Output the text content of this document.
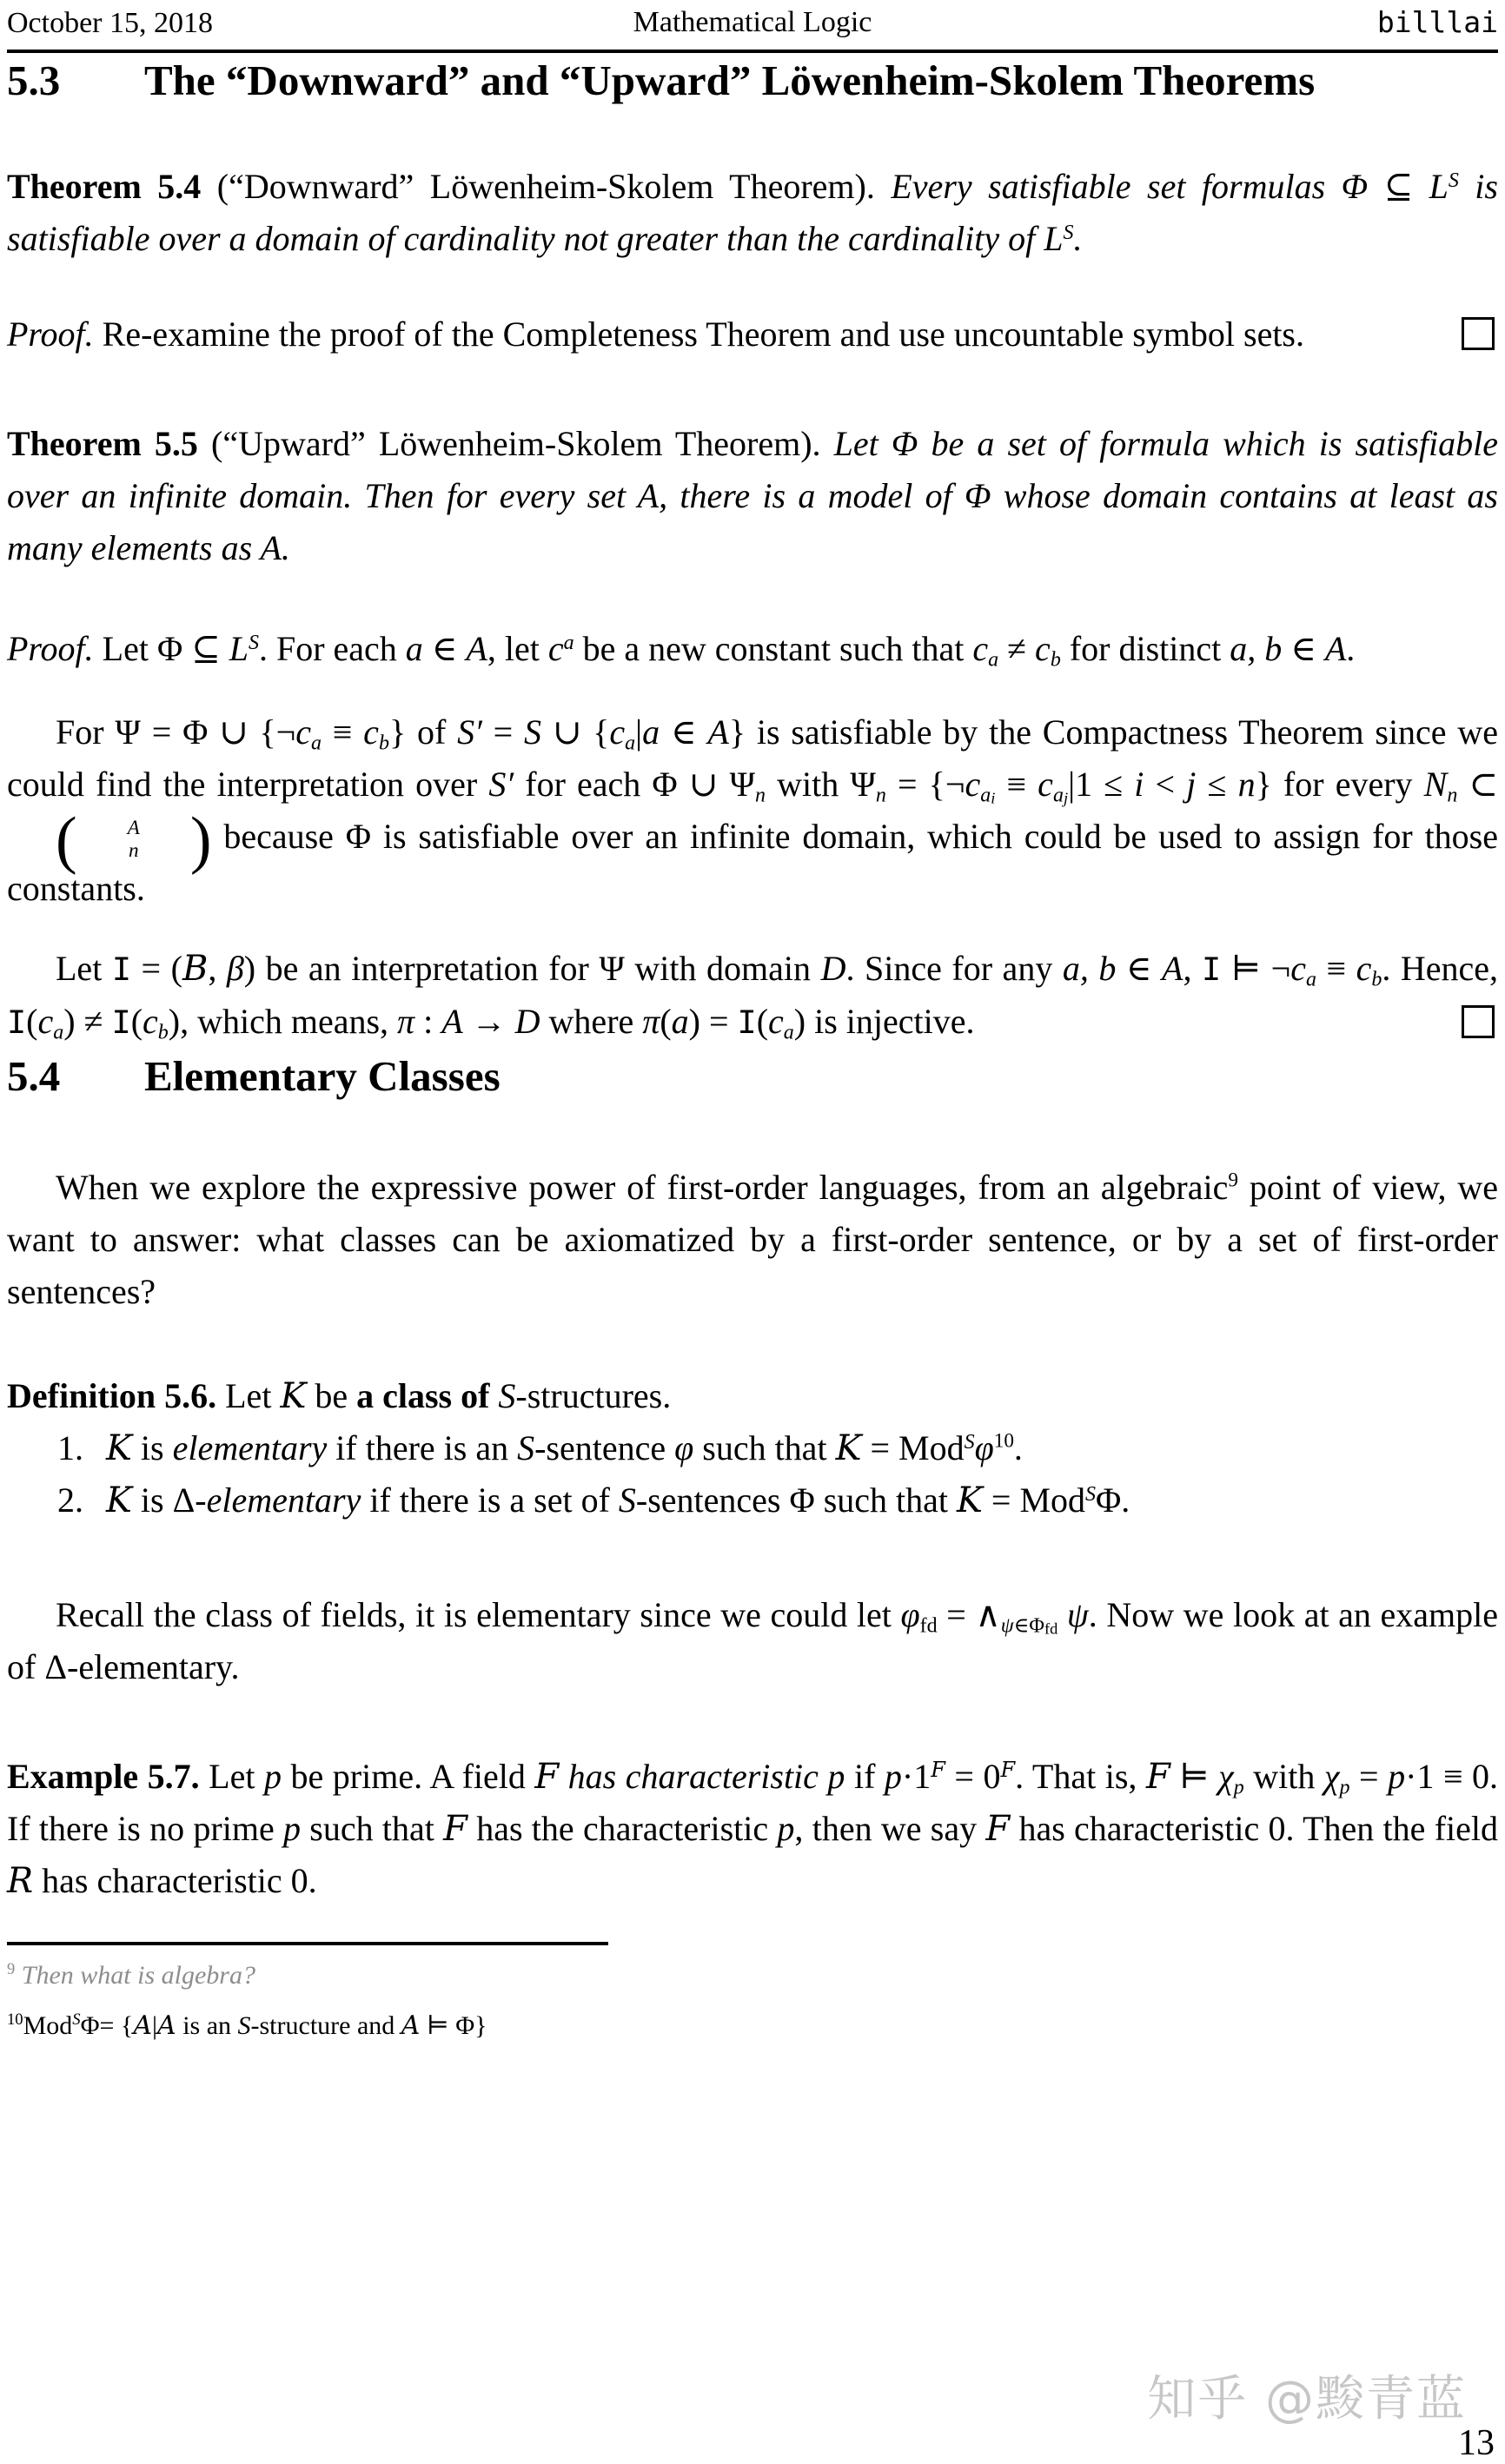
October 15, 2018	Mathematical Logic	billlai
5.3	The “Downward” and “Upward” Löwenheim-Skolem Theorems

Theorem 5.4 (“Downward” Löwenheim-Skolem Theorem). Every satisfiable set formulas Φ ⊆ $L^S$ is satisfiable over a domain of cardinality not greater than the cardinality of $L^S$.

Proof. Re-examine the proof of the Completeness Theorem and use uncountable symbol sets.

Theorem 5.5 (“Upward” Löwenheim-Skolem Theorem). Let Φ be a set of formula which is satisfiable over an infinite domain. Then for every set A, there is a model of Φ whose domain contains at least as many elements as A.

Proof. Let Φ ⊆ $L^S$. For each a ∈ A, let $c^a$ be a new constant such that $c_a \ne c_b$ for distinct a, b ∈ A.

For Ψ = Φ ∪ $\{\neg c_a \equiv c_b\}$ of S′ = S ∪ {$c_a|a$ ∈ A} is satisfiable by the Compactness Theorem since we could find the interpretation over S′ for each Φ ∪ $\Psi_n$ with $\Psi_n$ = $\{\neg c_{ai} \equiv c_{aj}|1 \le i < j \le n\}$ for every $N_n$ ⊂
(	A
n ) because Φ is satisfiable over an infinite domain, which could be used to assign for those constants.

Let I = (B, β) be an interpretation for Ψ with domain D. Since for any a, b ∈ A, I ⊨ $\neg c_a \equiv c_b$. Hence, $I(c_a) \ne I(c_b)$, which means, π : A → D where $\pi(a) = I(c_a)$ is injective.

5.4	Elementary Classes

When we explore the expressive power of first-order languages, from an algebraic$^9$ point of view, we want to answer: what classes can be axiomatized by a first-order sentence, or by a set of first-order sentences?

Definition 5.6. Let K be a class of S-structures.

1. K is elementary if there is an S-sentence φ such that K = Mod$^S$φ$^{10}$.
2. K is Δ-elementary if there is a set of S-sentences Φ such that K = Mod$^S$Φ.

Recall the class of fields, it is elementary since we could let $\varphi_{fd}$ = $\wedge_{\psi\in\Phi fd}$ ψ. Now we look at an example of Δ-elementary.

Example 5.7. Let p be prime. A field F has characteristic p if $p\cdot 1^F = 0^F$. That is, F ⊨ $\chi_p$ with $\chi_p = p\cdot 1 \equiv 0$. If there is no prime p such that F has the characteristic p, then we say F has characteristic 0. Then the field R has characteristic 0.

$^9$ Then what is algebra?

$^{10}$Mod$^S$Φ= {A|A is an S-structure and A ⊨ Φ}

知乎 @黢青蓝
13
